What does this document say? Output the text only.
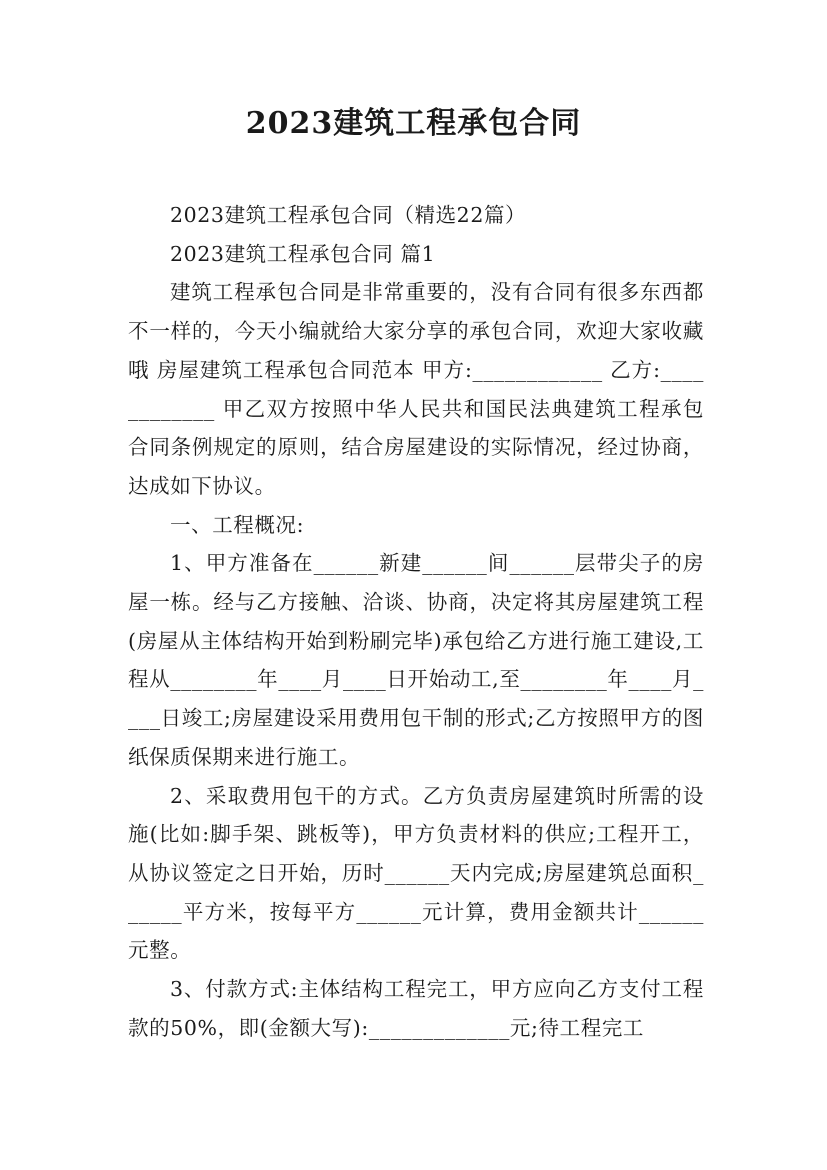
2023建筑工程承包合同

2023建筑工程承包合同（精选22篇）

2023建筑工程承包合同 篇1

建筑工程承包合同是非常重要的，没有合同有很多东西都不一样的，今天小编就给大家分享的承包合同，欢迎大家收藏哦 房屋建筑工程承包合同范本 甲方:____________ 乙方:____________ 甲乙双方按照中华人民共和国民法典建筑工程承包合同条例规定的原则，结合房屋建设的实际情况，经过协商，达成如下协议。

一、工程概况:

1、甲方准备在______新建______间______层带尖子的房屋一栋。经与乙方接触、洽谈、协商，决定将其房屋建筑工程(房屋从主体结构开始到粉刷完毕)承包给乙方进行施工建设,工程从________年____月____日开始动工,至________年____月____日竣工;房屋建设采用费用包干制的形式;乙方按照甲方的图纸保质保期来进行施工。

2、采取费用包干的方式。乙方负责房屋建筑时所需的设施(比如:脚手架、跳板等)，甲方负责材料的供应;工程开工，从协议签定之日开始，历时______天内完成;房屋建筑总面积______平方米，按每平方______元计算，费用金额共计______元整。

3、付款方式:主体结构工程完工，甲方应向乙方支付工程款的50%，即(金额大写):_____________元;待工程完工
